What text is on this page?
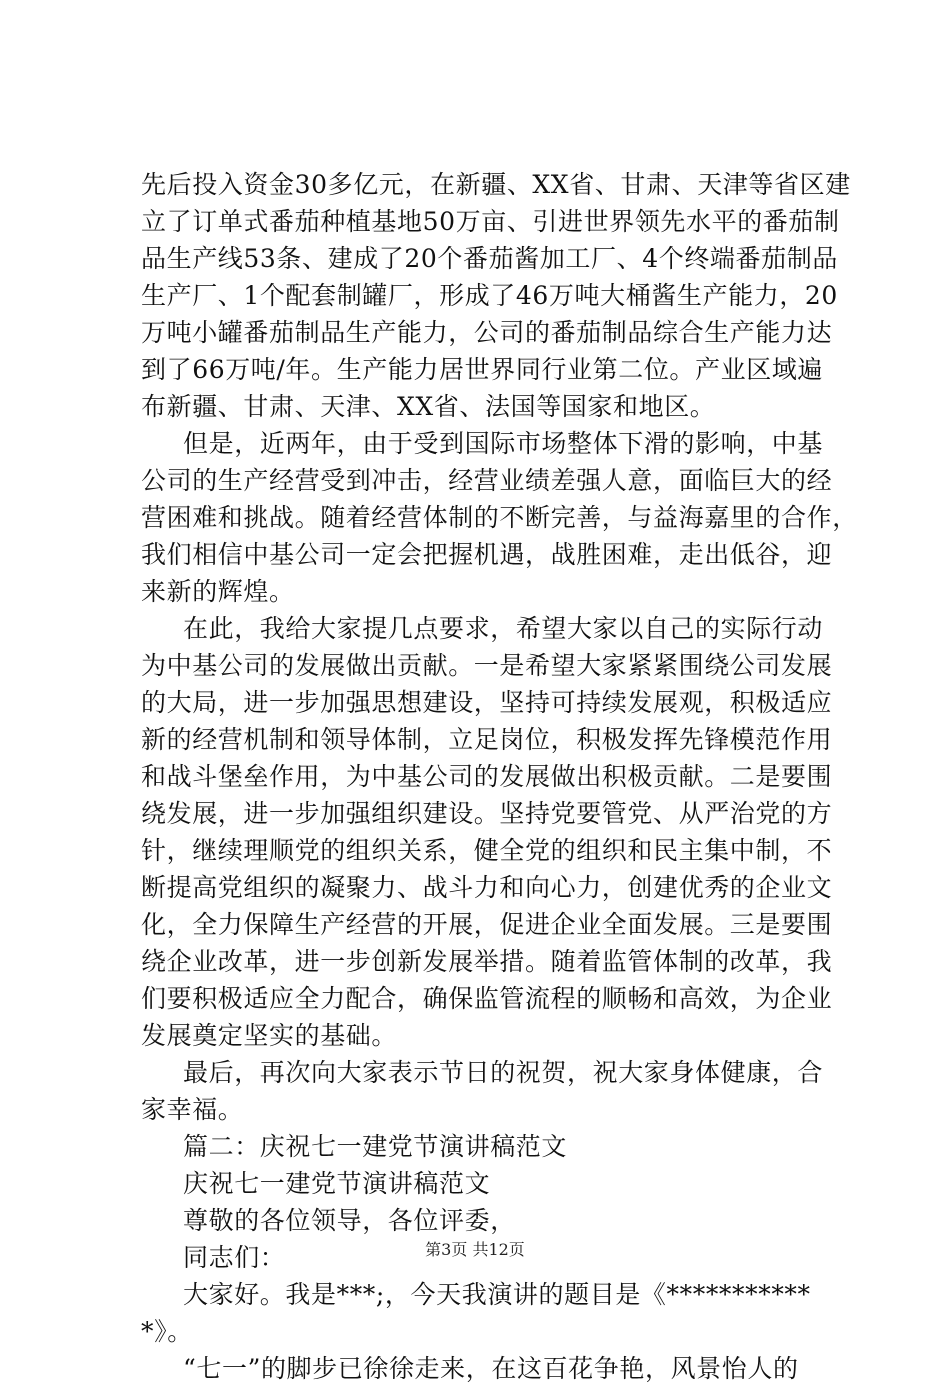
先后投入资金30多亿元，在新疆、XX省、甘肃、天津等省区建
立了订单式番茄种植基地50万亩、引进世界领先水平的番茄制
品生产线53条、建成了20个番茄酱加工厂、4个终端番茄制品
生产厂、1个配套制罐厂，形成了46万吨大桶酱生产能力，20
万吨小罐番茄制品生产能力，公司的番茄制品综合生产能力达
到了66万吨/年。生产能力居世界同行业第二位。产业区域遍
布新疆、甘肃、天津、XX省、法国等国家和地区。
但是，近两年，由于受到国际市场整体下滑的影响，中基
公司的生产经营受到冲击，经营业绩差强人意，面临巨大的经
营困难和挑战。随着经营体制的不断完善，与益海嘉里的合作，
我们相信中基公司一定会把握机遇，战胜困难，走出低谷，迎
来新的辉煌。
在此，我给大家提几点要求，希望大家以自己的实际行动
为中基公司的发展做出贡献。一是希望大家紧紧围绕公司发展
的大局，进一步加强思想建设，坚持可持续发展观，积极适应
新的经营机制和领导体制，立足岗位，积极发挥先锋模范作用
和战斗堡垒作用，为中基公司的发展做出积极贡献。二是要围
绕发展，进一步加强组织建设。坚持党要管党、从严治党的方
针，继续理顺党的组织关系，健全党的组织和民主集中制，不
断提高党组织的凝聚力、战斗力和向心力，创建优秀的企业文
化，全力保障生产经营的开展，促进企业全面发展。三是要围
绕企业改革，进一步创新发展举措。随着监管体制的改革，我
们要积极适应全力配合，确保监管流程的顺畅和高效，为企业
发展奠定坚实的基础。
最后，再次向大家表示节日的祝贺，祝大家身体健康，合
家幸福。
篇二：庆祝七一建党节演讲稿范文
庆祝七一建党节演讲稿范文
尊敬的各位领导，各位评委，
同志们：
大家好。我是***;，今天我演讲的题目是《***********
*》。
“七一”的脚步已徐徐走来，在这百花争艳，风景怡人的
第3页 共12页
